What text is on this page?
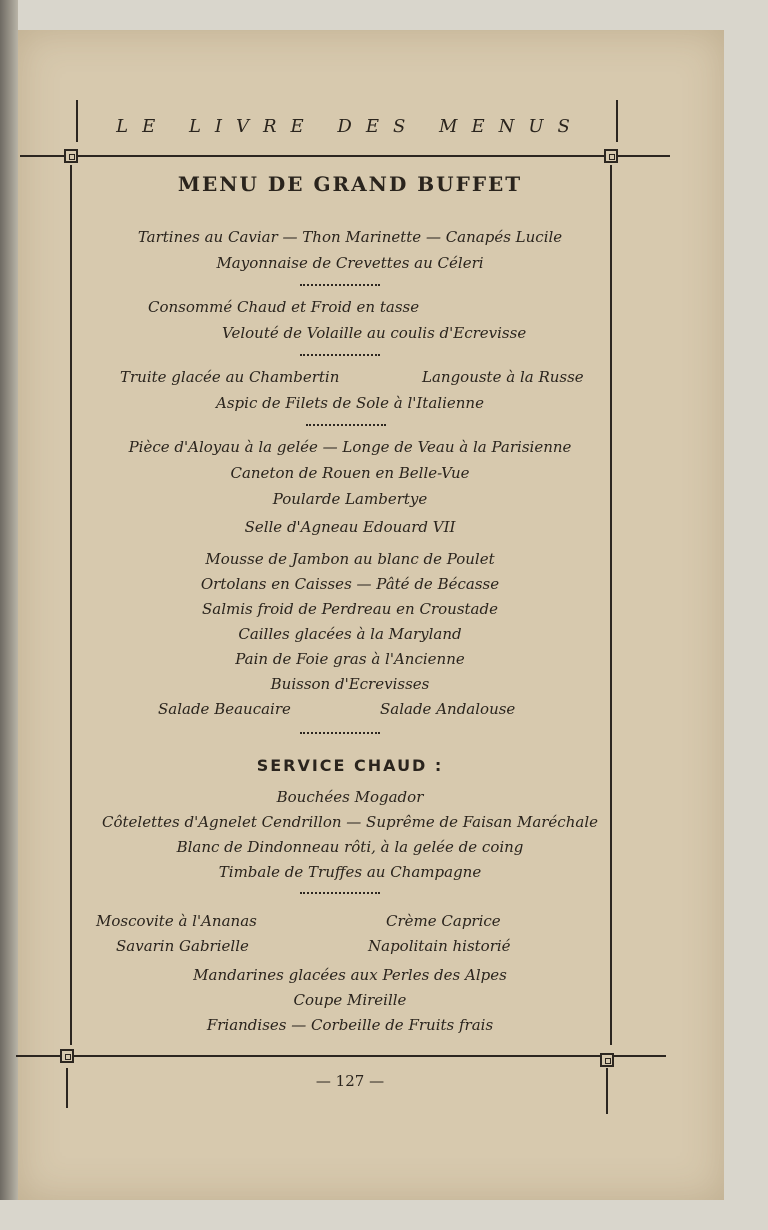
LE LIVRE DES MENUS
MENU DE GRAND BUFFET
Tartines au Caviar — Thon Marinette — Canapés Lucile
Mayonnaise de Crevettes au Céleri
Consommé Chaud et Froid en tasse
Velouté de Volaille au coulis d'Ecrevisse
Truite glacée au Chambertin	Langouste à la Russe
Aspic de Filets de Sole à l'Italienne
Pièce d'Aloyau à la gelée — Longe de Veau à la Parisienne
Caneton de Rouen en Belle-Vue
Poularde Lambertye
Selle d'Agneau Edouard VII
Mousse de Jambon au blanc de Poulet
Ortolans en Caisses — Pâté de Bécasse
Salmis froid de Perdreau en Croustade
Cailles glacées à la Maryland
Pain de Foie gras à l'Ancienne
Buisson d'Ecrevisses
Salade Beaucaire	Salade Andalouse
SERVICE CHAUD :
Bouchées Mogador
Côtelettes d'Agnelet Cendrillon — Suprême de Faisan Maréchale
Blanc de Dindonneau rôti, à la gelée de coing
Timbale de Truffes au Champagne
Moscovite à l'Ananas	Crème Caprice
Savarin Gabrielle	Napolitain historié
Mandarines glacées aux Perles des Alpes
Coupe Mireille
Friandises — Corbeille de Fruits frais
— 127 —
